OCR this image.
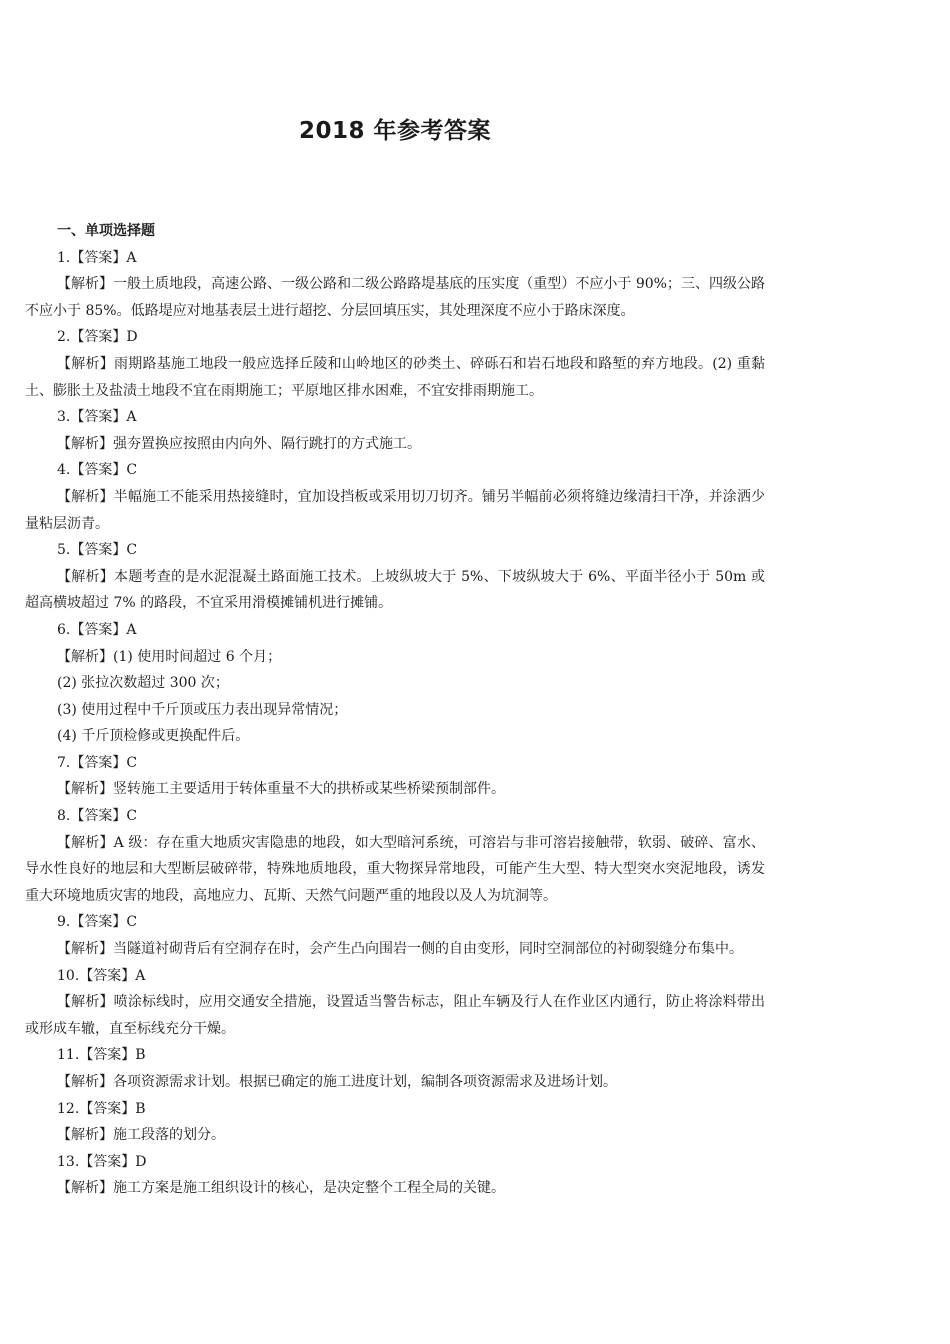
2018 年参考答案

一、单项选择题

1.【答案】A

【解析】一般土质地段，高速公路、一级公路和二级公路路堤基底的压实度（重型）不应小于 90%；三、四级公路不应小于 85%。低路堤应对地基表层土进行超挖、分层回填压实，其处理深度不应小于路床深度。

2.【答案】D

【解析】雨期路基施工地段一般应选择丘陵和山岭地区的砂类土、碎砾石和岩石地段和路堑的弃方地段。(2) 重黏土、膨胀土及盐渍土地段不宜在雨期施工；平原地区排水困难，不宜安排雨期施工。

3.【答案】A

【解析】强夯置换应按照由内向外、隔行跳打的方式施工。

4.【答案】C

【解析】半幅施工不能采用热接缝时，宜加设挡板或采用切刀切齐。铺另半幅前必须将缝边缘清扫干净，并涂洒少量粘层沥青。

5.【答案】C

【解析】本题考查的是水泥混凝土路面施工技术。上坡纵坡大于 5%、下坡纵坡大于 6%、平面半径小于 50m 或超高横坡超过 7% 的路段，不宜采用滑模摊铺机进行摊铺。

6.【答案】A

【解析】(1) 使用时间超过 6 个月；

(2) 张拉次数超过 300 次；

(3) 使用过程中千斤顶或压力表出现异常情况；

(4) 千斤顶检修或更换配件后。

7.【答案】C

【解析】竖转施工主要适用于转体重量不大的拱桥或某些桥梁预制部件。

8.【答案】C

【解析】A 级：存在重大地质灾害隐患的地段，如大型暗河系统，可溶岩与非可溶岩接触带，软弱、破碎、富水、导水性良好的地层和大型断层破碎带，特殊地质地段，重大物探异常地段，可能产生大型、特大型突水突泥地段，诱发重大环境地质灾害的地段，高地应力、瓦斯、天然气问题严重的地段以及人为坑洞等。

9.【答案】C

【解析】当隧道衬砌背后有空洞存在时，会产生凸向围岩一侧的自由变形，同时空洞部位的衬砌裂缝分布集中。

10.【答案】A

【解析】喷涂标线时，应用交通安全措施，设置适当警告标志，阻止车辆及行人在作业区内通行，防止将涂料带出或形成车辙，直至标线充分干燥。

11.【答案】B

【解析】各项资源需求计划。根据已确定的施工进度计划，编制各项资源需求及进场计划。

12.【答案】B

【解析】施工段落的划分。

13.【答案】D

【解析】施工方案是施工组织设计的核心，是决定整个工程全局的关键。
